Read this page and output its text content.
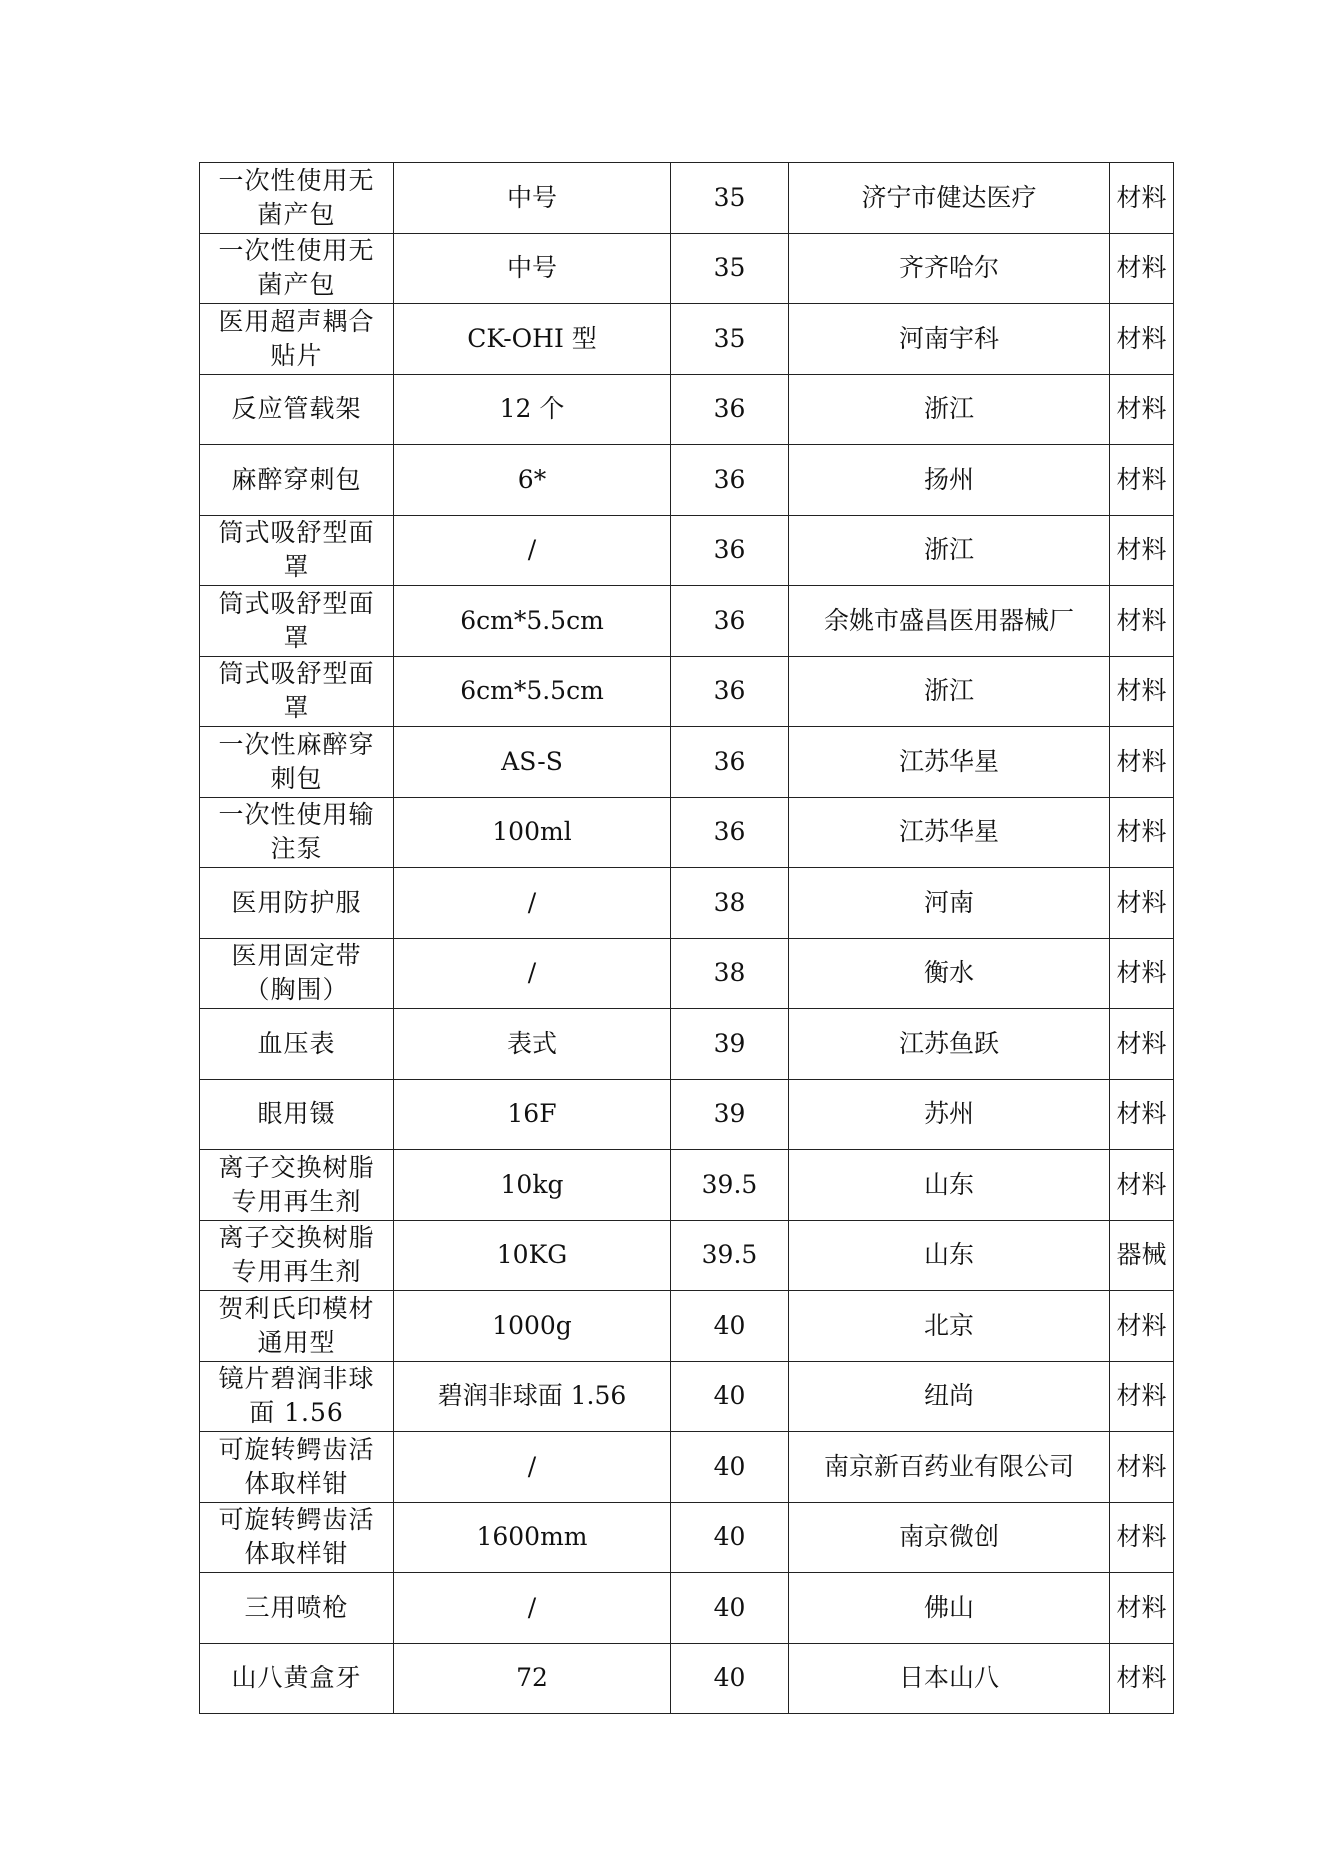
一次性使用无菌产包	中号	35	济宁市健达医疗	材料
一次性使用无菌产包	中号	35	齐齐哈尔	材料
医用超声耦合贴片	CK-OHI 型	35	河南宇科	材料
反应管载架	12 个	36	浙江	材料
麻醉穿刺包	6*	36	扬州	材料
筒式吸舒型面罩	/	36	浙江	材料
筒式吸舒型面罩	6cm*5.5cm	36	余姚市盛昌医用器械厂	材料
筒式吸舒型面罩	6cm*5.5cm	36	浙江	材料
一次性麻醉穿刺包	AS-S	36	江苏华星	材料
一次性使用输注泵	100ml	36	江苏华星	材料
医用防护服	/	38	河南	材料
医用固定带（胸围）	/	38	衡水	材料
血压表	表式	39	江苏鱼跃	材料
眼用镊	16F	39	苏州	材料
离子交换树脂专用再生剂	10kg	39.5	山东	材料
离子交换树脂专用再生剂	10KG	39.5	山东	器械
贺利氏印模材通用型	1000g	40	北京	材料
镜片碧润非球面 1.56	碧润非球面 1.56	40	纽尚	材料
可旋转鳄齿活体取样钳	/	40	南京新百药业有限公司	材料
可旋转鳄齿活体取样钳	1600mm	40	南京微创	材料
三用喷枪	/	40	佛山	材料
山八黄盒牙	72	40	日本山八	材料
